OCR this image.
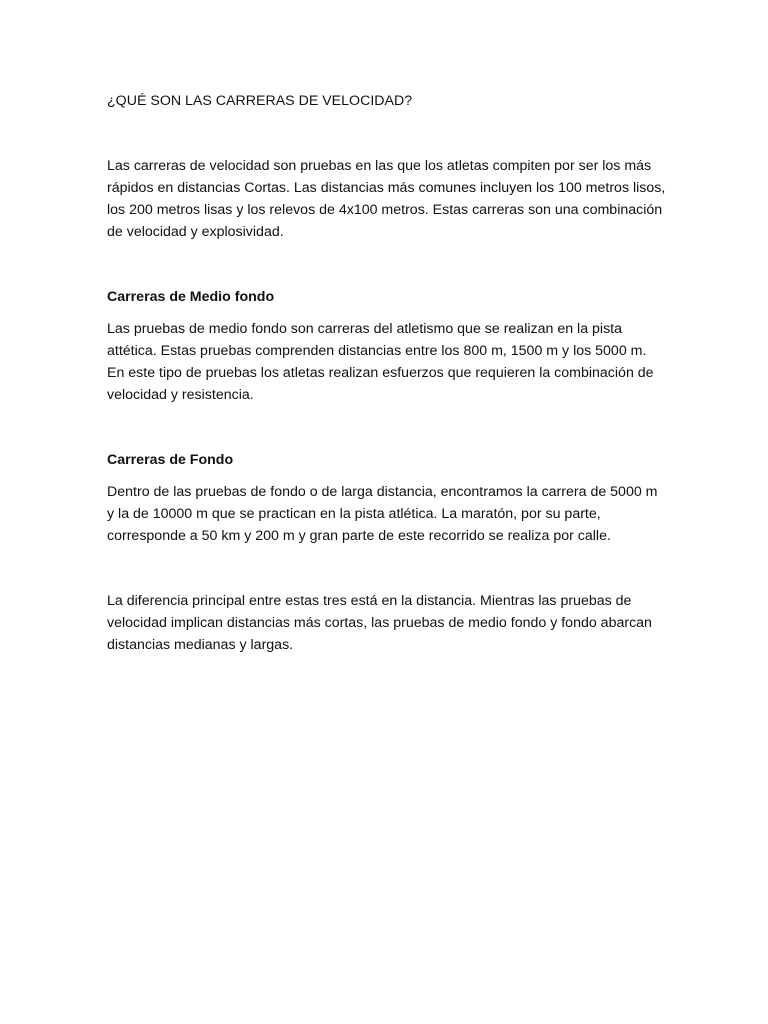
¿QUÉ SON LAS CARRERAS DE VELOCIDAD?

Las carreras de velocidad son pruebas en las que los atletas compiten por ser los más rápidos en distancias Cortas. Las distancias más comunes incluyen los 100 metros lisos, los 200 metros lisas y los relevos de 4x100 metros. Estas carreras son una combinación de velocidad y explosividad.

Carreras de Medio fondo

Las pruebas de medio fondo son carreras del atletismo que se realizan en la pista attética. Estas pruebas comprenden distancias entre los 800 m, 1500 m y los 5000 m. En este tipo de pruebas los atletas realizan esfuerzos que requieren la combinación de velocidad y resistencia.

Carreras de Fondo

Dentro de las pruebas de fondo o de larga distancia, encontramos la carrera de 5000 m y la de 10000 m que se practican en la pista atlética. La maratón, por su parte, corresponde a 50 km y 200 m y gran parte de este recorrido se realiza por calle.

La diferencia principal entre estas tres está en la distancia. Mientras las pruebas de velocidad implican distancias más cortas, las pruebas de medio fondo y fondo abarcan distancias medianas y largas.
